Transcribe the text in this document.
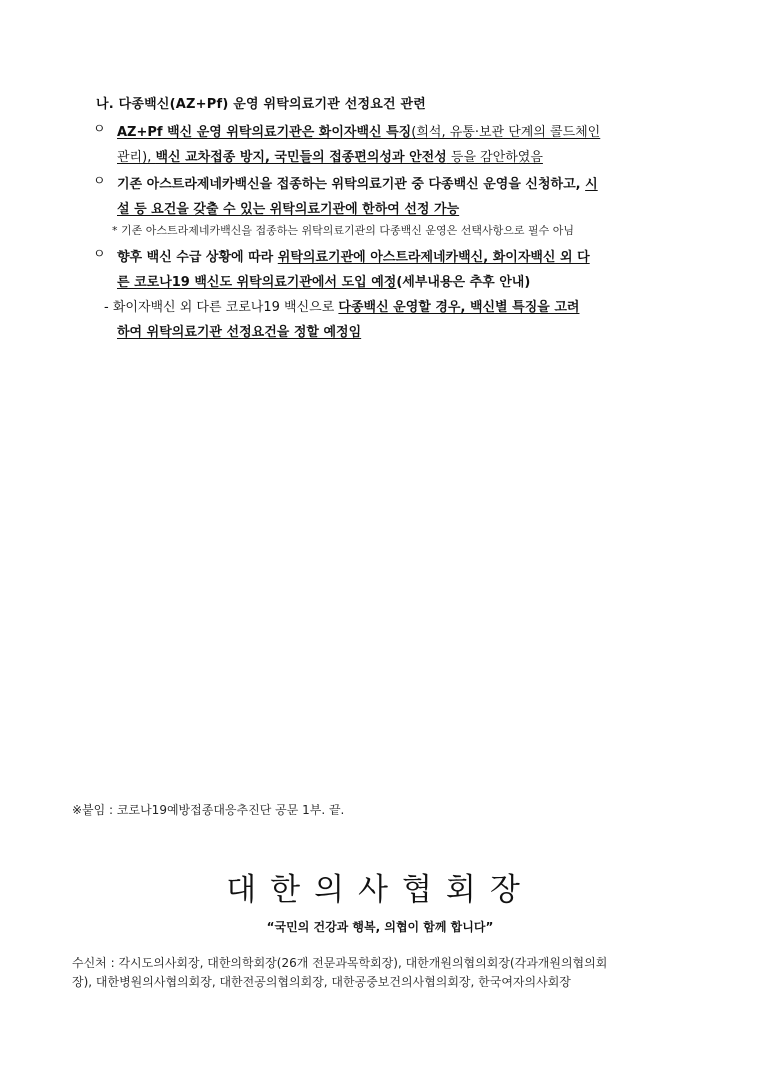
나. 다종백신(AZ+Pf) 운영 위탁의료기관 선정요건 관련
ㅇ AZ+Pf 백신 운영 위탁의료기관은 화이자백신 특징(희석, 유통·보관 단계의 콜드체인
관리), 백신 교차접종 방지, 국민들의 접종편의성과 안전성 등을 감안하였음
ㅇ 기존 아스트라제네카백신을 접종하는 위탁의료기관 중 다종백신 운영을 신청하고, 시
설 등 요건을 갖출 수 있는 위탁의료기관에 한하여 선정 가능
* 기존 아스트라제네카백신을 접종하는 위탁의료기관의 다종백신 운영은 선택사항으로 필수 아님
ㅇ 향후 백신 수급 상황에 따라 위탁의료기관에 아스트라제네카백신, 화이자백신 외 다
른 코로나19 백신도 위탁의료기관에서 도입 예정(세부내용은 추후 안내)
- 화이자백신 외 다른 코로나19 백신으로 다종백신 운영할 경우, 백신별 특징을 고려
하여 위탁의료기관 선정요건을 정할 예정임
※붙임 : 코로나19예방접종대응추진단 공문 1부. 끝.
대한의사협회장
“국민의 건강과 행복, 의협이 함께 합니다”
수신처 : 각시도의사회장, 대한의학회장(26개 전문과목학회장), 대한개원의협의회장(각과개원의협의회
장), 대한병원의사협의회장, 대한전공의협의회장, 대한공중보건의사협의회장, 한국여자의사회장
